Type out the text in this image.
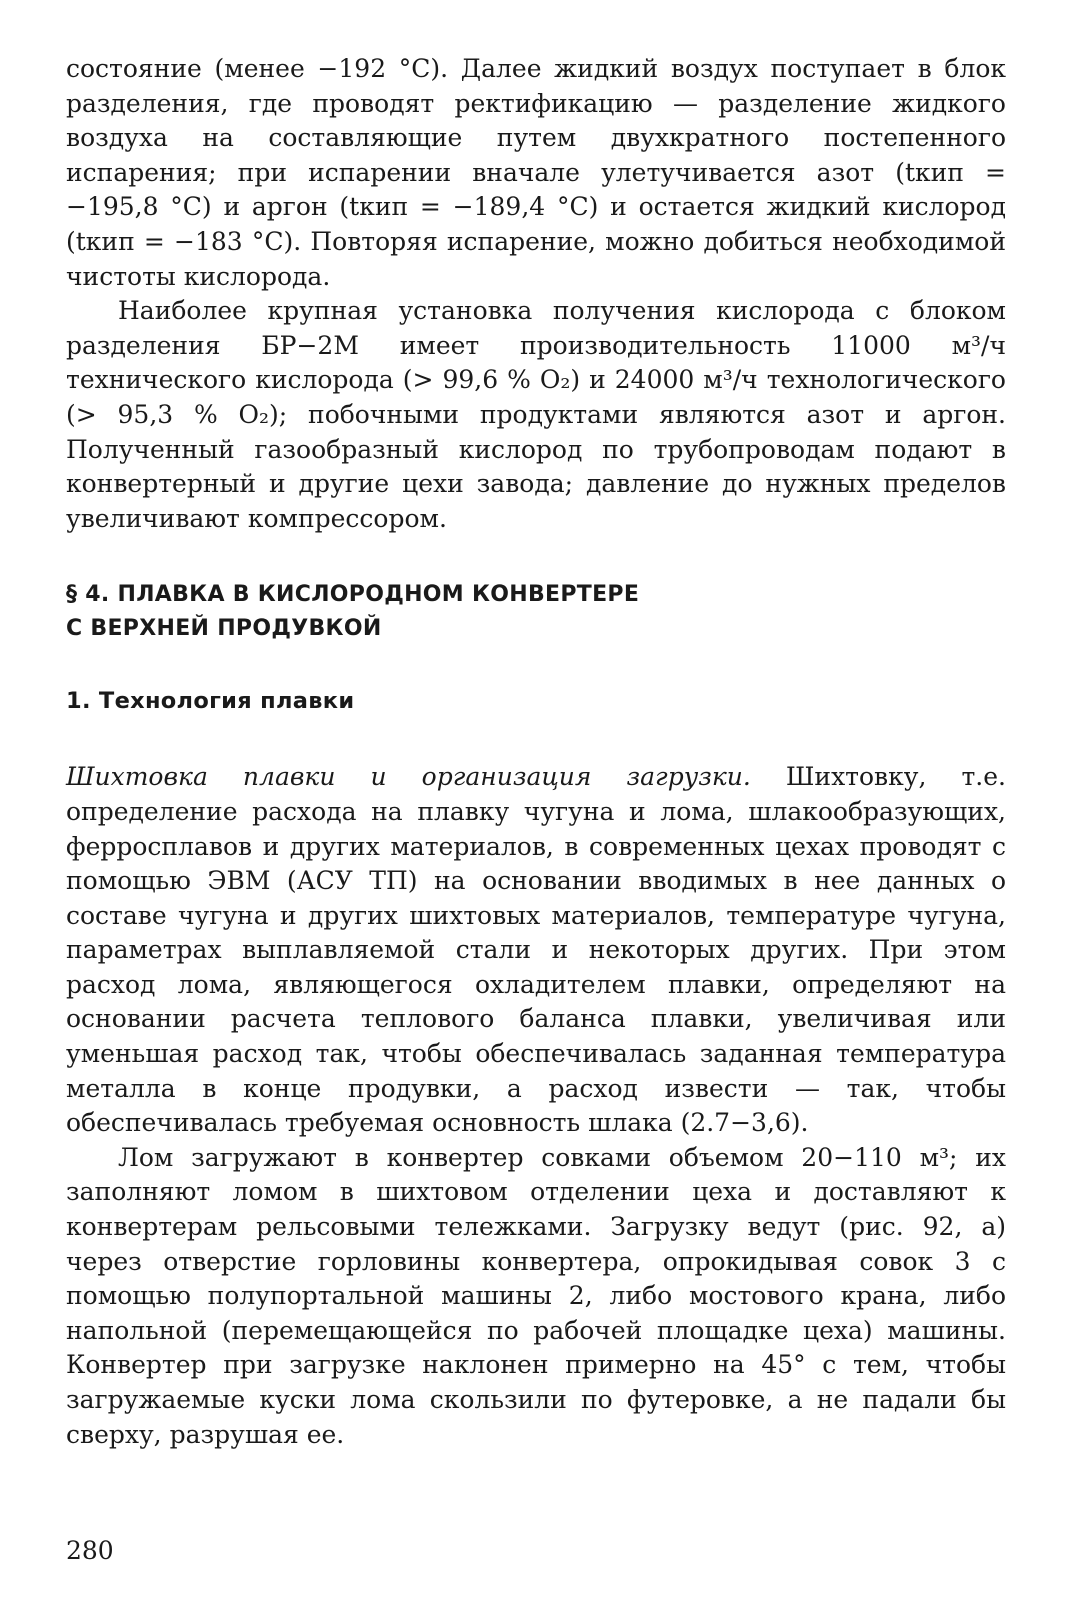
состояние (менее −192 °С). Далее жидкий воздух поступает в блок разделения, где проводят ректификацию — разделение жидкого воздуха на составляющие путем двухкратного постепенного испарения; при испарении вначале улетучивается азот (tкип = −195,8 °С) и аргон (tкип = −189,4 °С) и остается жидкий кислород (tкип = −183 °С). Повторяя испарение, можно добиться необходимой чистоты кислорода.

Наиболее крупная установка получения кислорода с блоком разделения БР−2М имеет производительность 11000 м³/ч технического кислорода (> 99,6 % O₂) и 24000 м³/ч технологического (> 95,3 % O₂); побочными продуктами являются азот и аргон. Полученный газообразный кислород по трубопроводам подают в конвертерный и другие цехи завода; давление до нужных пределов увеличивают компрессором.

§ 4. ПЛАВКА В КИСЛОРОДНОМ КОНВЕРТЕРЕ
С ВЕРХНЕЙ ПРОДУВКОЙ
1. Технология плавки

Шихтовка плавки и организация загрузки. Шихтовку, т.е. определение расхода на плавку чугуна и лома, шлакообразующих, ферросплавов и других материалов, в современных цехах проводят с помощью ЭВМ (АСУ ТП) на основании вводимых в нее данных о составе чугуна и других шихтовых материалов, температуре чугуна, параметрах выплавляемой стали и некоторых других. При этом расход лома, являющегося охладителем плавки, определяют на основании расчета теплового баланса плавки, увеличивая или уменьшая расход так, чтобы обеспечивалась заданная температура металла в конце продувки, а расход извести — так, чтобы обеспечивалась требуемая основность шлака (2.7−3,6).

Лом загружают в конвертер совками объемом 20−110 м³; их заполняют ломом в шихтовом отделении цеха и доставляют к конвертерам рельсовыми тележками. Загрузку ведут (рис. 92, а) через отверстие горловины конвертера, опрокидывая совок 3 с помощью полупортальной машины 2, либо мостового крана, либо напольной (перемещающейся по рабочей площадке цеха) машины. Конвертер при загрузке наклонен примерно на 45° с тем, чтобы загружаемые куски лома скользили по футеровке, а не падали бы сверху, разрушая ее.

280
